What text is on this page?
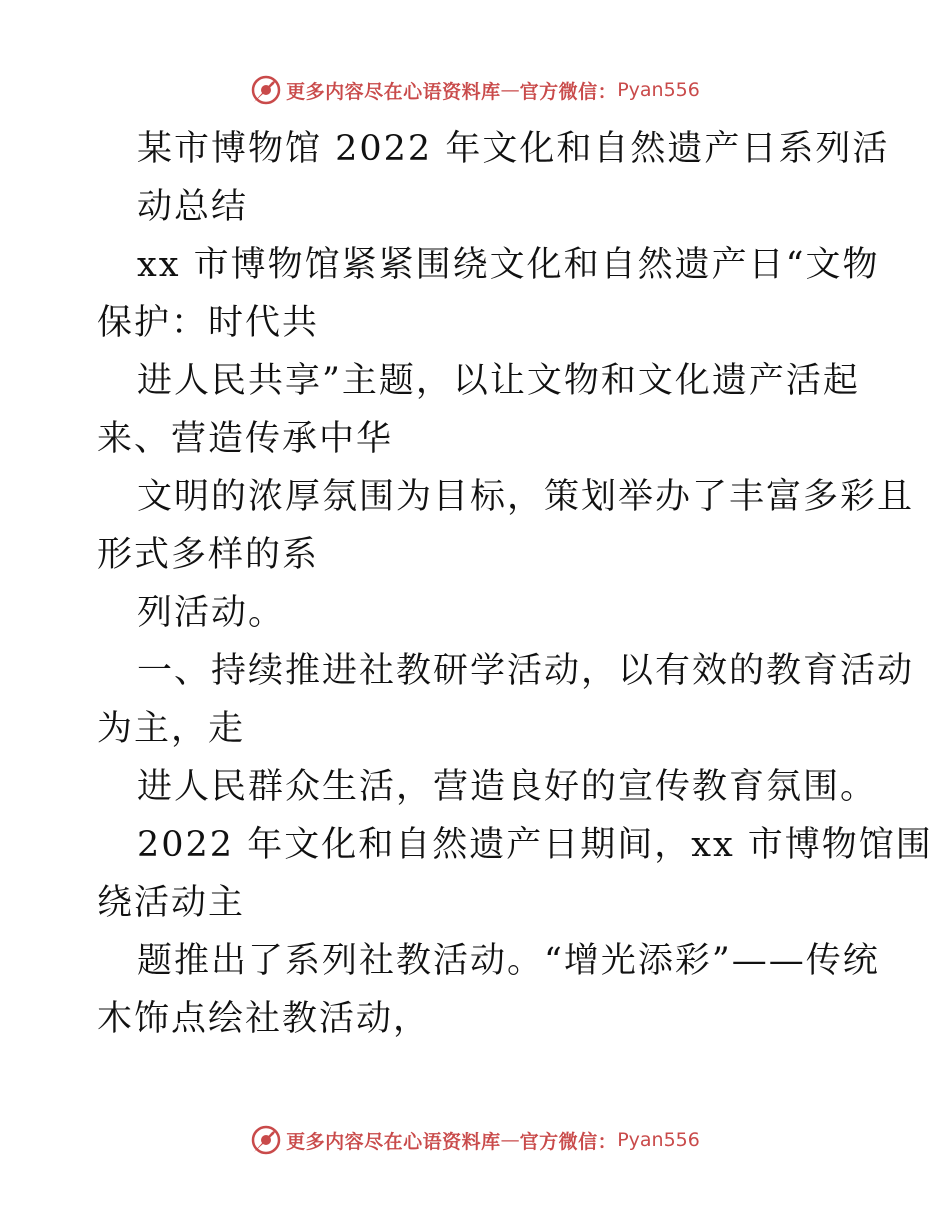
更多内容尽在心语资料库 — 官方微信： Pyan556
某市博物馆 2022 年文化和自然遗产日系列活
动总结
xx 市博物馆紧紧围绕文化和自然遗产日“文物
保护：时代共
进人民共享”主题，以让文物和文化遗产活起
来、营造传承中华
文明的浓厚氛围为目标，策划举办了丰富多彩且
形式多样的系
列活动。
一、持续推进社教研学活动，以有效的教育活动
为主，走
进人民群众生活，营造良好的宣传教育氛围。
2022 年文化和自然遗产日期间，xx 市博物馆围
绕活动主
题推出了系列社教活动。“增光添彩”——传统
木饰点绘社教活动，
更多内容尽在心语资料库 — 官方微信： Pyan556
